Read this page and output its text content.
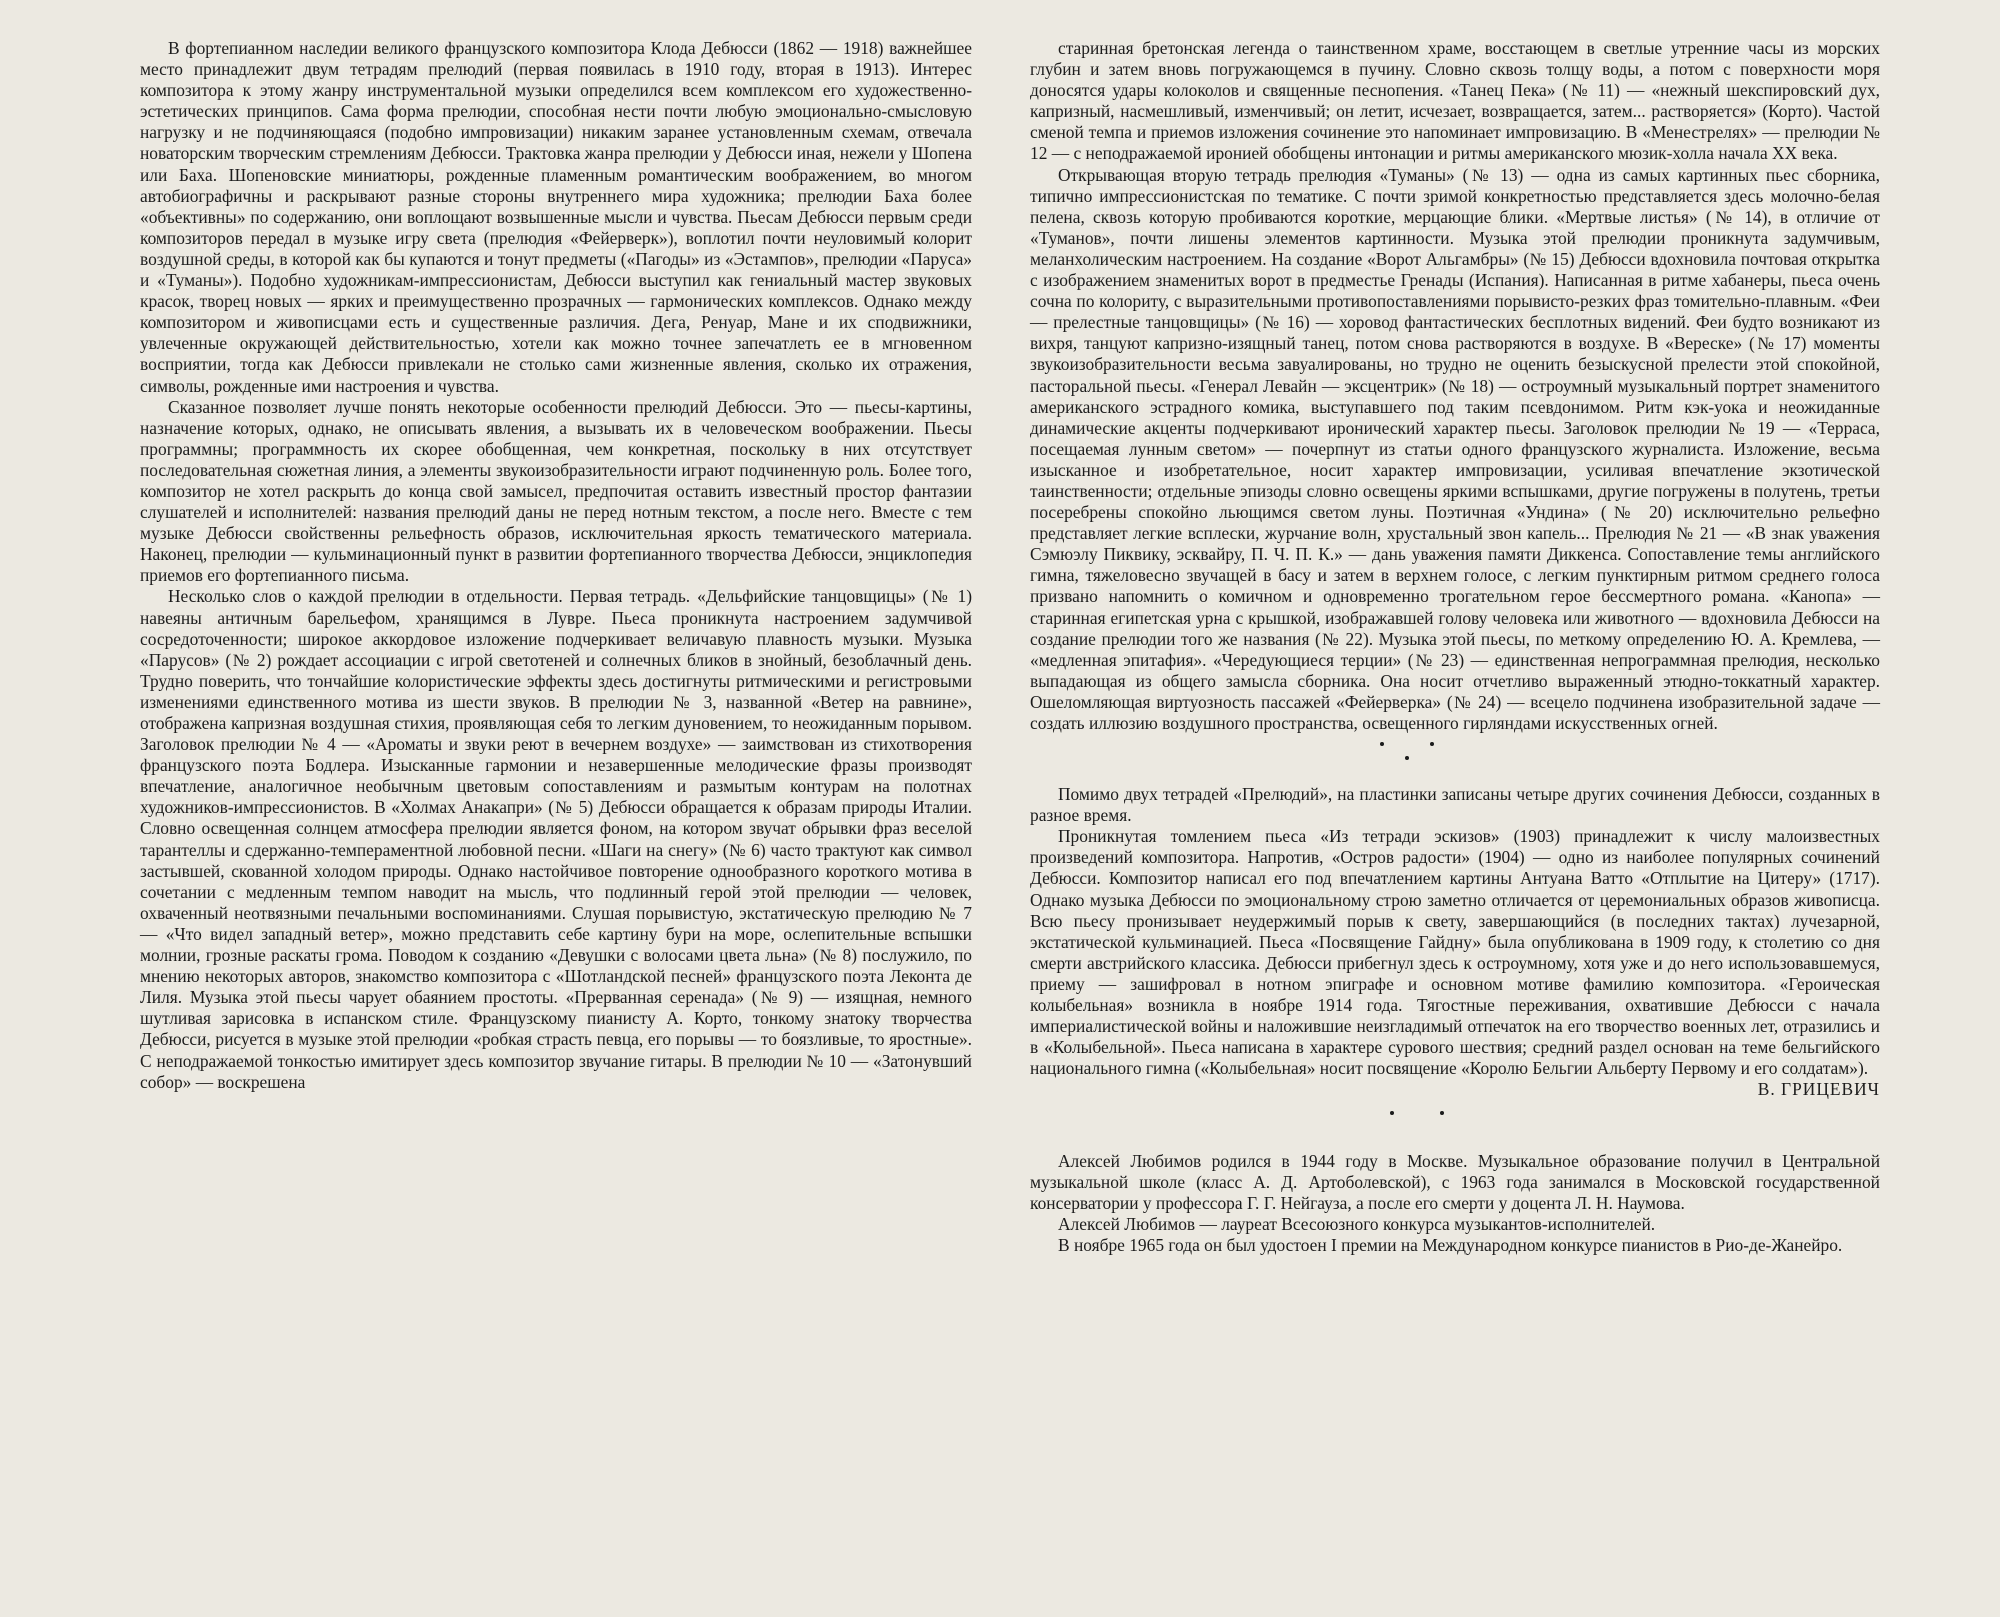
В фортепианном наследии великого французского композитора Клода Дебюсси (1862 — 1918) важнейшее место принадлежит двум тетрадям прелюдий (первая появилась в 1910 году, вторая в 1913). Интерес композитора к этому жанру инструментальной музыки определился всем комплексом его художественно-эстетических принципов. Сама форма прелюдии, способная нести почти любую эмоционально-смысловую нагрузку и не подчиняющаяся (подобно импровизации) никаким заранее установленным схемам, отвечала новаторским творческим стремлениям Дебюсси. Трактовка жанра прелюдии у Дебюсси иная, нежели у Шопена или Баха. Шопеновские миниатюры, рожденные пламенным романтическим воображением, во многом автобиографичны и раскрывают разные стороны внутреннего мира художника; прелюдии Баха более «объективны» по содержанию, они воплощают возвышенные мысли и чувства. Пьесам Дебюсси первым среди композиторов передал в музыке игру света (прелюдия «Фейерверк»), воплотил почти неуловимый колорит воздушной среды, в которой как бы купаются и тонут предметы («Пагоды» из «Эстампов», прелюдии «Паруса» и «Туманы»). Подобно художникам-импрессионистам, Дебюсси выступил как гениальный мастер звуковых красок, творец новых — ярких и преимущественно прозрачных — гармонических комплексов. Однако между композитором и живописцами есть и существенные различия. Дега, Ренуар, Мане и их сподвижники, увлеченные окружающей действительностью, хотели как можно точнее запечатлеть ее в мгновенном восприятии, тогда как Дебюсси привлекали не столько сами жизненные явления, сколько их отражения, символы, рожденные ими настроения и чувства.

Сказанное позволяет лучше понять некоторые особенности прелюдий Дебюсси. Это — пьесы-картины, назначение которых, однако, не описывать явления, а вызывать их в человеческом воображении. Пьесы программны; программность их скорее обобщенная, чем конкретная, поскольку в них отсутствует последовательная сюжетная линия, а элементы звукоизобразительности играют подчиненную роль. Более того, композитор не хотел раскрыть до конца свой замысел, предпочитая оставить известный простор фантазии слушателей и исполнителей: названия прелюдий даны не перед нотным текстом, а после него. Вместе с тем музыке Дебюсси свойственны рельефность образов, исключительная яркость тематического материала. Наконец, прелюдии — кульминационный пункт в развитии фортепианного творчества Дебюсси, энциклопедия приемов его фортепианного письма.

Несколько слов о каждой прелюдии в отдельности. Первая тетрадь. «Дельфийские танцовщицы» (№ 1) навеяны античным барельефом, хранящимся в Лувре. Пьеса проникнута настроением задумчивой сосредоточенности; широкое аккордовое изложение подчеркивает величавую плавность музыки. Музыка «Парусов» (№ 2) рождает ассоциации с игрой светотеней и солнечных бликов в знойный, безоблачный день. Трудно поверить, что тончайшие колористические эффекты здесь достигнуты ритмическими и регистровыми изменениями единственного мотива из шести звуков. В прелюдии № 3, названной «Ветер на равнине», отображена капризная воздушная стихия, проявляющая себя то легким дуновением, то неожиданным порывом. Заголовок прелюдии № 4 — «Ароматы и звуки реют в вечернем воздухе» — заимствован из стихотворения французского поэта Бодлера. Изысканные гармонии и незавершенные мелодические фразы производят впечатление, аналогичное необычным цветовым сопоставлениям и размытым контурам на полотнах художников-импрессионистов. В «Холмах Анакапри» (№ 5) Дебюсси обращается к образам природы Италии. Словно освещенная солнцем атмосфера прелюдии является фоном, на котором звучат обрывки фраз веселой тарантеллы и сдержанно-темпераментной любовной песни. «Шаги на снегу» (№ 6) часто трактуют как символ застывшей, скованной холодом природы. Однако настойчивое повторение однообразного короткого мотива в сочетании с медленным темпом наводит на мысль, что подлинный герой этой прелюдии — человек, охваченный неотвязными печальными воспоминаниями. Слушая порывистую, экстатическую прелюдию № 7 — «Что видел западный ветер», можно представить себе картину бури на море, ослепительные вспышки молнии, грозные раскаты грома. Поводом к созданию «Девушки с волосами цвета льна» (№ 8) послужило, по мнению некоторых авторов, знакомство композитора с «Шотландской песней» французского поэта Леконта де Лиля. Музыка этой пьесы чарует обаянием простоты. «Прерванная серенада» (№ 9) — изящная, немного шутливая зарисовка в испанском стиле. Французскому пианисту А. Корто, тонкому знатоку творчества Дебюсси, рисуется в музыке этой прелюдии «робкая страсть певца, его порывы — то боязливые, то яростные». С неподражаемой тонкостью имитирует здесь композитор звучание гитары. В прелюдии № 10 — «Затонувший собор» — воскрешена

старинная бретонская легенда о таинственном храме, восстающем в светлые утренние часы из морских глубин и затем вновь погружающемся в пучину. Словно сквозь толщу воды, а потом с поверхности моря доносятся удары колоколов и священные песнопения. «Танец Пека» (№ 11) — «нежный шекспировский дух, капризный, насмешливый, изменчивый; он летит, исчезает, возвращается, затем... растворяется» (Корто). Частой сменой темпа и приемов изложения сочинение это напоминает импровизацию. В «Менестрелях» — прелюдии № 12 — с неподражаемой иронией обобщены интонации и ритмы американского мюзик-холла начала XX века.

Открывающая вторую тетрадь прелюдия «Туманы» (№ 13) — одна из самых картинных пьес сборника, типично импрессионистская по тематике. С почти зримой конкретностью представляется здесь молочно-белая пелена, сквозь которую пробиваются короткие, мерцающие блики. «Мертвые листья» (№ 14), в отличие от «Туманов», почти лишены элементов картинности. Музыка этой прелюдии проникнута задумчивым, меланхолическим настроением. На создание «Ворот Альгамбры» (№ 15) Дебюсси вдохновила почтовая открытка с изображением знаменитых ворот в предместье Гренады (Испания). Написанная в ритме хабанеры, пьеса очень сочна по колориту, с выразительными противопоставлениями порывисто-резких фраз томительно-плавным. «Феи — прелестные танцовщицы» (№ 16) — хоровод фантастических бесплотных видений. Феи будто возникают из вихря, танцуют капризно-изящный танец, потом снова растворяются в воздухе. В «Вереске» (№ 17) моменты звукоизобразительности весьма завуалированы, но трудно не оценить безыскусной прелести этой спокойной, пасторальной пьесы. «Генерал Левайн — эксцентрик» (№ 18) — остроумный музыкальный портрет знаменитого американского эстрадного комика, выступавшего под таким псевдонимом. Ритм кэк-уока и неожиданные динамические акценты подчеркивают иронический характер пьесы. Заголовок прелюдии № 19 — «Терраса, посещаемая лунным светом» — почерпнут из статьи одного французского журналиста. Изложение, весьма изысканное и изобретательное, носит характер импровизации, усиливая впечатление экзотической таинственности; отдельные эпизоды словно освещены яркими вспышками, другие погружены в полутень, третьи посеребрены спокойно льющимся светом луны. Поэтичная «Ундина» (№ 20) исключительно рельефно представляет легкие всплески, журчание волн, хрустальный звон капель... Прелюдия № 21 — «В знак уважения Сэмюэлу Пиквику, эсквайру, П. Ч. П. К.» — дань уважения памяти Диккенса. Сопоставление темы английского гимна, тяжеловесно звучащей в басу и затем в верхнем голосе, с легким пунктирным ритмом среднего голоса призвано напомнить о комичном и одновременно трогательном герое бессмертного романа. «Канопа» — старинная египетская урна с крышкой, изображавшей голову человека или животного — вдохновила Дебюсси на создание прелюдии того же названия (№ 22). Музыка этой пьесы, по меткому определению Ю. А. Кремлева, — «медленная эпитафия». «Чередующиеся терции» (№ 23) — единственная непрограммная прелюдия, несколько выпадающая из общего замысла сборника. Она носит отчетливо выраженный этюдно-токкатный характер. Ошеломляющая виртуозность пассажей «Фейерверка» (№ 24) — всецело подчинена изобразительной задаче — создать иллюзию воздушного пространства, освещенного гирляндами искусственных огней.

Помимо двух тетрадей «Прелюдий», на пластинки записаны четыре других сочинения Дебюсси, созданных в разное время.

Проникнутая томлением пьеса «Из тетради эскизов» (1903) принадлежит к числу малоизвестных произведений композитора. Напротив, «Остров радости» (1904) — одно из наиболее популярных сочинений Дебюсси. Композитор написал его под впечатлением картины Антуана Ватто «Отплытие на Цитеру» (1717). Однако музыка Дебюсси по эмоциональному строю заметно отличается от церемониальных образов живописца. Всю пьесу пронизывает неудержимый порыв к свету, завершающийся (в последних тактах) лучезарной, экстатической кульминацией. Пьеса «Посвящение Гайдну» была опубликована в 1909 году, к столетию со дня смерти австрийского классика. Дебюсси прибегнул здесь к остроумному, хотя уже и до него использовавшемуся, приему — зашифровал в нотном эпиграфе и основном мотиве фамилию композитора. «Героическая колыбельная» возникла в ноябре 1914 года. Тягостные переживания, охватившие Дебюсси с начала империалистической войны и наложившие неизгладимый отпечаток на его творчество военных лет, отразились и в «Колыбельной». Пьеса написана в характере сурового шествия; средний раздел основан на теме бельгийского национального гимна («Колыбельная» носит посвящение «Королю Бельгии Альберту Первому и его солдатам»).

В. ГРИЦЕВИЧ

Алексей Любимов родился в 1944 году в Москве. Музыкальное образование получил в Центральной музыкальной школе (класс А. Д. Артоболевской), с 1963 года занимался в Московской государственной консерватории у профессора Г. Г. Нейгауза, а после его смерти у доцента Л. Н. Наумова.

Алексей Любимов — лауреат Всесоюзного конкурса музыкантов-исполнителей.

В ноябре 1965 года он был удостоен I премии на Международном конкурсе пианистов в Рио-де-Жанейро.
